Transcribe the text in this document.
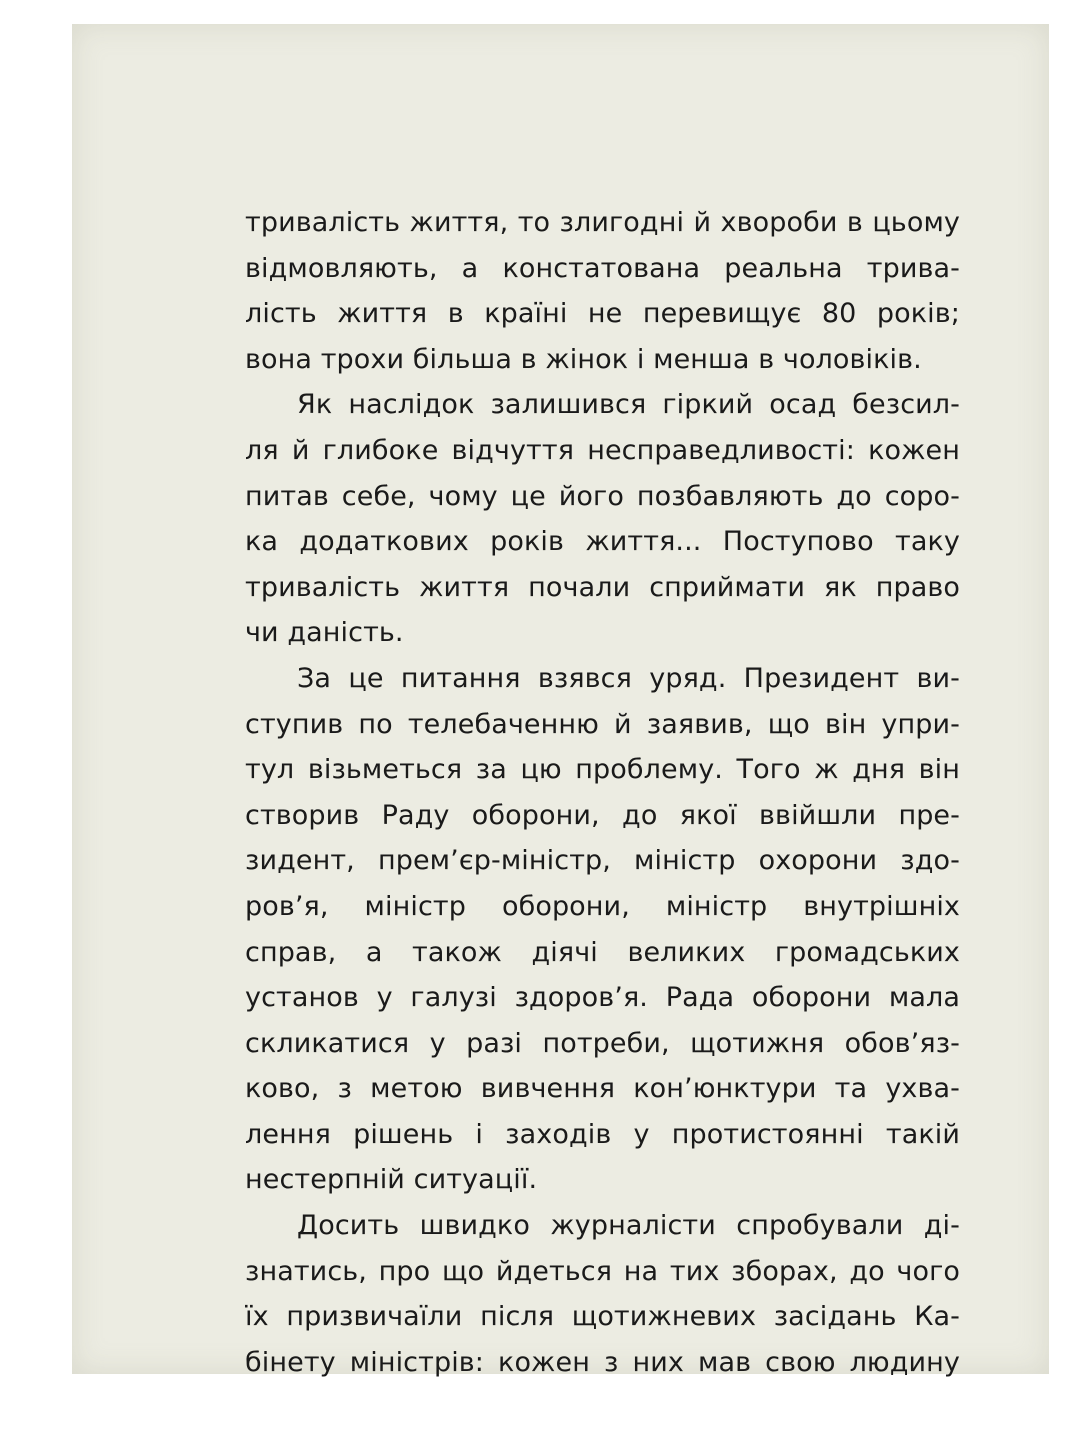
тривалість життя, то злигодні й хвороби в цьому
відмовляють, а констатована реальна трива-
лість життя в країні не перевищує 80 років;
вона трохи більша в жінок і менша в чоловіків.
Як наслідок залишився гіркий осад безсил-
ля й глибоке відчуття несправедливості: кожен
питав себе, чому це його позбавляють до соро-
ка додаткових років життя... Поступово таку
тривалість життя почали сприймати як право
чи даність.
За це питання взявся уряд. Президент ви-
ступив по телебаченню й заявив, що він упри-
тул візьметься за цю проблему. Того ж дня він
створив Раду оборони, до якої ввійшли пре-
зидент, прем’єр-міністр, міністр охорони здо-
ров’я, міністр оборони, міністр внутрішніх
справ, а також діячі великих громадських
установ у галузі здоров’я. Рада оборони мала
скликатися у разі потреби, щотижня обов’яз-
ково, з метою вивчення кон’юнктури та ухва-
лення рішень і заходів у протистоянні такій
нестерпній ситуації.
Досить швидко журналісти спробували ді-
знатись, про що йдеться на тих зборах, до чого
їх призвичаїли після щотижневих засідань Ка-
бінету міністрів: кожен з них мав свою людину
